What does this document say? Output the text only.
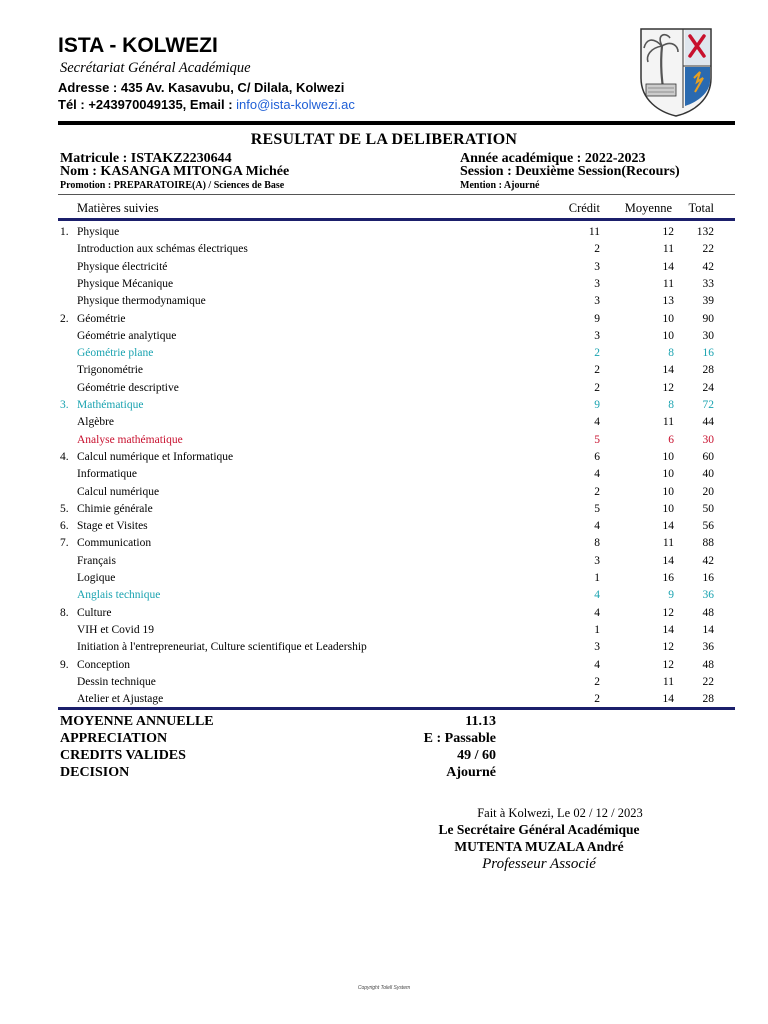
ISTA - KOLWEZI
Secrétariat Général Académique
Adresse : 435 Av. Kasavubu, C/ Dilala, Kolwezi
Tél : +243970049135, Email : info@ista-kolwezi.ac
RESULTAT DE LA DELIBERATION
Matricule : ISTAKZ2230644
Nom : KASANGA MITONGA Michée
Promotion : PREPARATOIRE(A) / Sciences de Base
Année académique : 2022-2023
Session : Deuxième Session(Recours)
Mention : Ajourné
Matières suivies	Crédit Moyenne Total
1. Physique	11	12 132
Introduction aux schémas électriques	2	11 22
Physique électricité	3	14 42
Physique Mécanique	3	11 33
Physique thermodynamique	3	13 39
2. Géométrie	9	10 90
Géométrie analytique	3	10 30
Géométrie plane	2	8 16
Trigonométrie	2	14 28
Géométrie descriptive	2	12 24
3. Mathématique	9	8 72
Algèbre	4	11 44
Analyse mathématique	5	6 30
4. Calcul numérique et Informatique	6	10 60
Informatique	4	10 40
Calcul numérique	2	10 20
5. Chimie générale	5	10 50
6. Stage et Visites	4	14 56
7. Communication	8	11 88
Français	3	14 42
Logique	1	16 16
Anglais technique	4	9 36
8. Culture	4	12 48
VIH et Covid 19	1	14 14
Initiation à l'entrepreneuriat, Culture scientifique et Leadership	3	12 36
9. Conception	4	12 48
Dessin technique	2	11 22
Atelier et Ajustage	2	14 28
MOYENNE ANNUELLE	11.13
APPRECIATION	E : Passable
CREDITS VALIDES	49 / 60
DECISION	Ajourné
Fait à Kolwezi, Le 02 / 12 / 2023
Le Secrétaire Général Académique
MUTENTA MUZALA André
Professeur Associé
Copyright Tolell System
